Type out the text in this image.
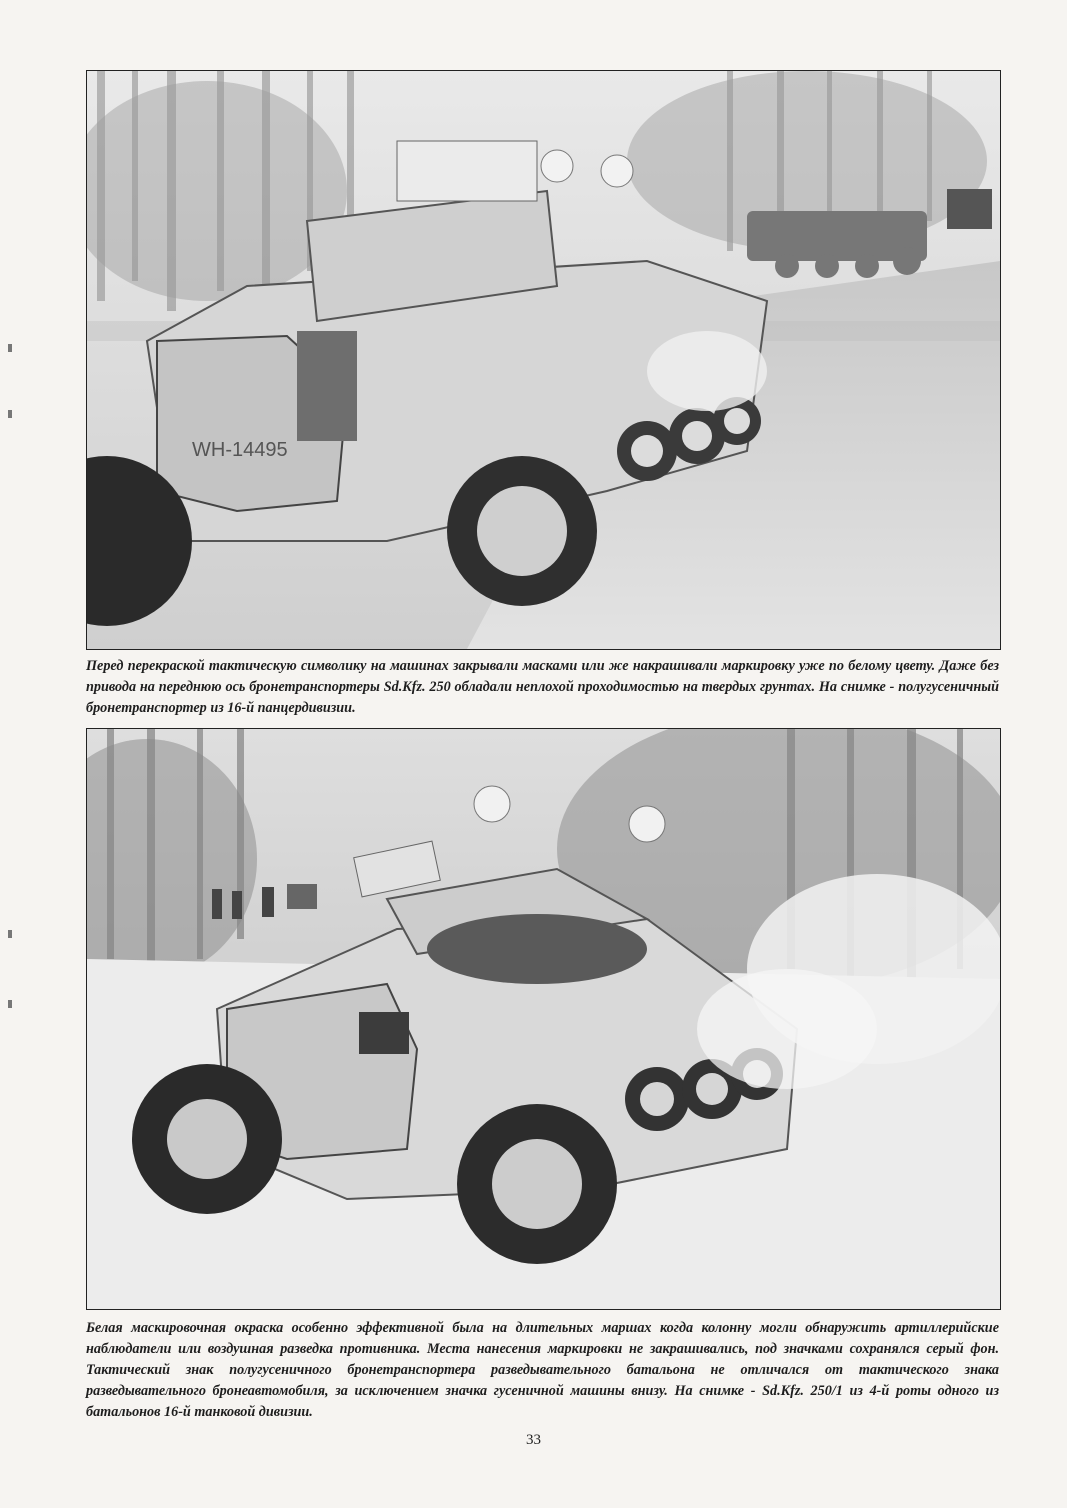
WH-14495

Перед перекраской тактическую символику на машинах закрывали масками или же накрашивали маркировку уже по белому цвету. Даже без привода на переднюю ось бронетранспортеры Sd.Kfz. 250 обладали неплохой проходимостью на твердых грунтах. На снимке - полугусеничный бронетранспортер из 16-й панцердивизии.

Белая маскировочная окраска особенно эффективной была на длительных маршах когда колонну могли обнаружить артиллерийские наблюдатели или воздушная разведка противника. Места нанесения маркировки не закрашивались, под значками сохранялся серый фон. Тактический знак полугусеничного бронетранспортера разведывательного батальона не отличался от тактического знака разведывательного бронеавтомобиля, за исключением значка гусеничной машины внизу. На снимке - Sd.Kfz. 250/1 из 4-й роты одного из батальонов 16-й танковой дивизии.

33
